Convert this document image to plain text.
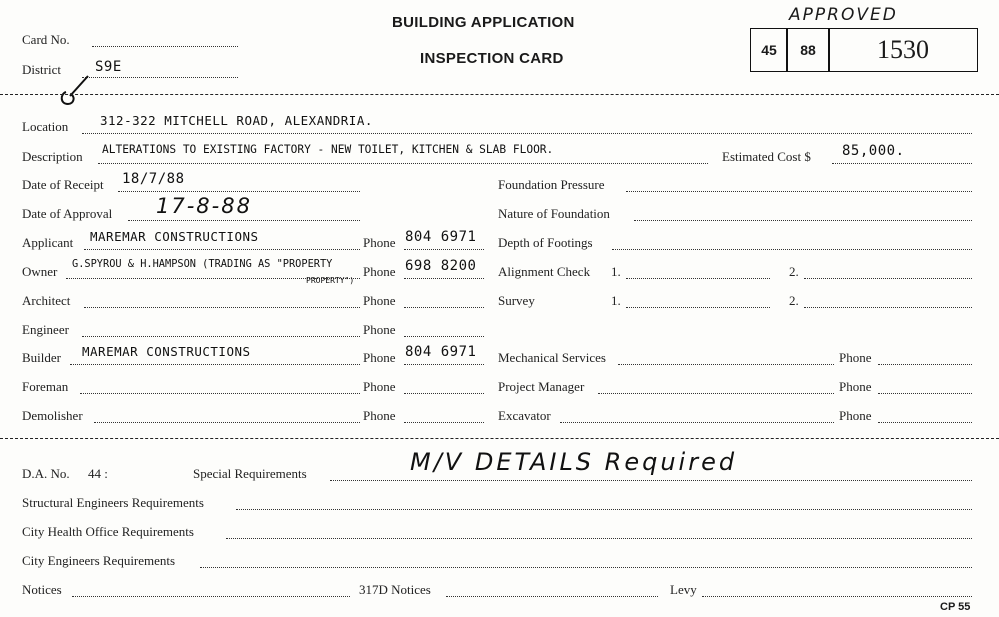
BUILDING APPLICATION
INSPECTION CARD
Card No.
District S9E
APPROVED
45 88 1530
Location	312-322 MITCHELL ROAD, ALEXANDRIA.
Description ALTERATIONS TO EXISTING FACTORY - NEW TOILET, KITCHEN & SLAB FLOOR.	Estimated Cost $ 85,000.
Date of Receipt 18/7/88
Date of Approval 17-8-88
Applicant MAREMAR CONSTRUCTIONS	Phone 804 6971
Owner G.SPYROU & H.HAMPSON (TRADING AS "PROPERTY
PROPERTY")
Phone 698 8200
Architect	Phone
Engineer	Phone
Builder MAREMAR CONSTRUCTIONS	Phone 804 6971
Foreman	Phone
Demolisher	Phone
Foundation Pressure
Nature of Foundation
Depth of Footings
Alignment Check 1.	2.
Survey	1.	2.
Mechanical Services	Phone
Project Manager	Phone
Excavator	Phone
D.A. No. 44 :	Special Requirements	M/V DETAILS Required
Structural Engineers Requirements
City Health Office Requirements
City Engineers Requirements
Notices	317D Notices	Levy
CP 55
